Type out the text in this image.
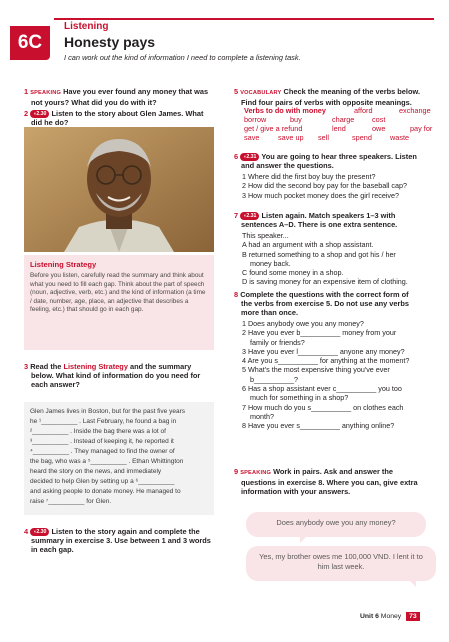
6C
Listening
Honesty pays
I can work out the kind of information I need to complete a listening task.
1 SPEAKING Have you ever found any money that was
not yours? What did you do with it?
2 ◖2.30 Listen to the story about Glen James. What
did he do?
Listening Strategy

Before you listen, carefully read the summary and think about what you need to fill each gap. Think about the part of speech (noun, adjective, verb, etc.) and the kind of information (a time / date, number, age, place, an adjective that describes a feeling, etc.) that should go in each gap.

3 Read the Listening Strategy and the summary
below. What kind of information do you need for
each answer?

Glen James lives in Boston, but for the past five years

he ¹__________ . Last February, he found a bag in

²__________ . Inside the bag there was a lot of

³__________ . Instead of keeping it, he reported it

⁴__________ . They managed to find the owner of

the bag, who was a ⁵__________ . Ethan Whittington

heard the story on the news, and immediately

decided to help Glen by setting up a ⁶__________

and asking people to donate money. He managed to

raise ⁷__________ for Glen.

4 ◖2.30 Listen to the story again and complete the
summary in exercise 3. Use between 1 and 3 words
in each gap.
5 VOCABULARY Check the meaning of the verbs below.
Find four pairs of verbs with opposite meanings.
Verbs to do with money	afford	exchange
borrow	buy	charge	cost
get / give a refund	lend	owe	pay for
save	save up	sell	spend	waste
6 ◖2.31 You are going to hear three speakers. Listen
and answer the questions.
1 Where did the first boy buy the present?
2 How did the second boy pay for the baseball cap?
3 How much pocket money does the girl receive?
7 ◖2.31 Listen again. Match speakers 1–3 with
sentences A–D. There is one extra sentence.
This speaker...
A had an argument with a shop assistant.
B returned something to a shop and got his / her
money back.
C found some money in a shop.
D is saving money for an expensive item of clothing.
8 Complete the questions with the correct form of
the verbs from exercise 5. Do not use any verbs
more than once.
1 Does anybody owe you any money?
2 Have you ever b__________ money from your
family or friends?
3 Have you ever l__________ anyone any money?
4 Are you s__________ for anything at the moment?
5 What's the most expensive thing you've ever
b__________?
6 Has a shop assistant ever c__________ you too
much for something in a shop?
7 How much do you s__________ on clothes each
month?
8 Have you ever s__________ anything online?
9 SPEAKING Work in pairs. Ask and answer the
questions in exercise 8. Where you can, give extra
information with your answers.
Does anybody owe you any money?
Yes, my brother owes me 100,000 VND. I lent it to him last week.
Unit 6 Money 73
